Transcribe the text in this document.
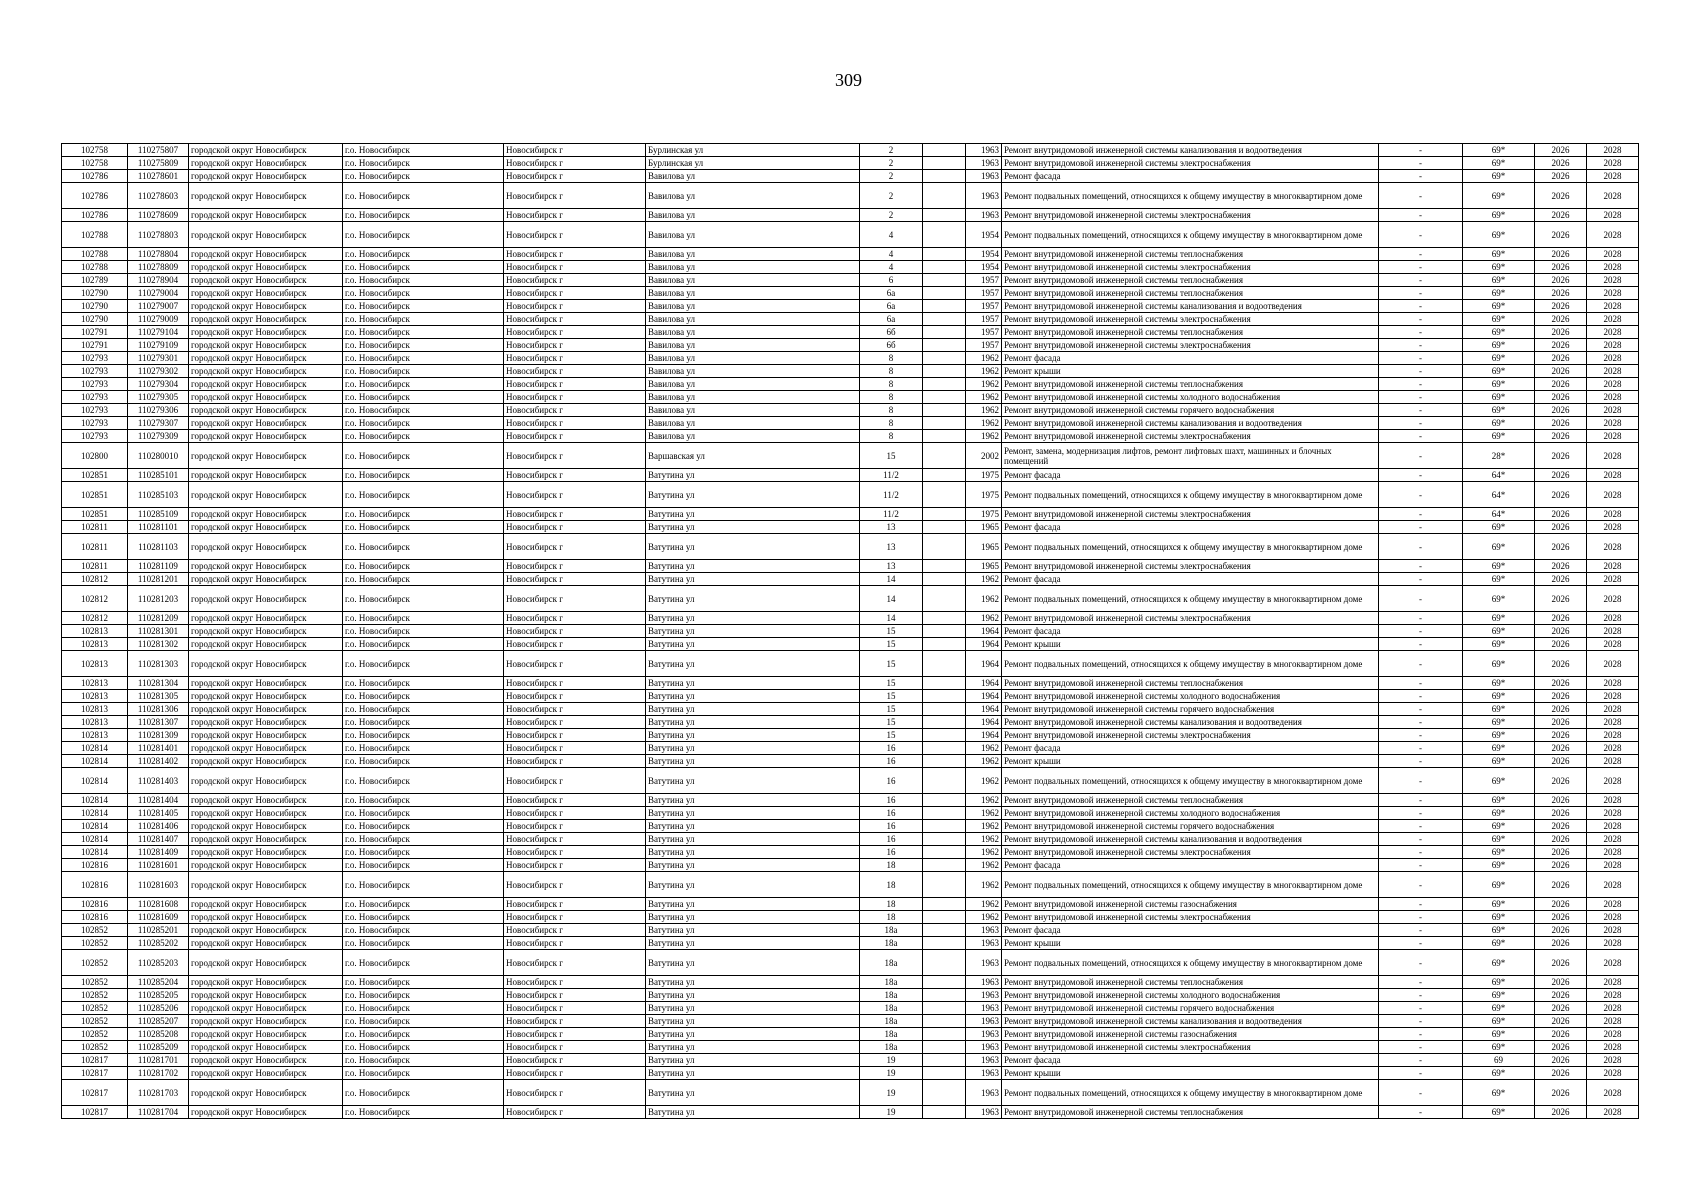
309
102758	110275807	городской округ Новосибирск	г.о. Новосибирск	Новосибирск г	Бурлинская ул	2		1963	Ремонт внутридомовой инженерной системы канализования и водоотведения	-	69*	2026	2028
102758	110275809	городской округ Новосибирск	г.о. Новосибирск	Новосибирск г	Бурлинская ул	2		1963	Ремонт внутридомовой инженерной системы электроснабжения	-	69*	2026	2028
102786	110278601	городской округ Новосибирск	г.о. Новосибирск	Новосибирск г	Вавилова ул	2		1963	Ремонт фасада	-	69*	2026	2028
102786	110278603	городской округ Новосибирск	г.о. Новосибирск	Новосибирск г	Вавилова ул	2		1963	Ремонт подвальных помещений, относящихся к общему имуществу в многоквартирном доме	-	69*	2026	2028
102786	110278609	городской округ Новосибирск	г.о. Новосибирск	Новосибирск г	Вавилова ул	2		1963	Ремонт внутридомовой инженерной системы электроснабжения	-	69*	2026	2028
102788	110278803	городской округ Новосибирск	г.о. Новосибирск	Новосибирск г	Вавилова ул	4		1954	Ремонт подвальных помещений, относящихся к общему имуществу в многоквартирном доме	-	69*	2026	2028
102788	110278804	городской округ Новосибирск	г.о. Новосибирск	Новосибирск г	Вавилова ул	4		1954	Ремонт внутридомовой инженерной системы теплоснабжения	-	69*	2026	2028
102788	110278809	городской округ Новосибирск	г.о. Новосибирск	Новосибирск г	Вавилова ул	4		1954	Ремонт внутридомовой инженерной системы электроснабжения	-	69*	2026	2028
102789	110278904	городской округ Новосибирск	г.о. Новосибирск	Новосибирск г	Вавилова ул	6		1957	Ремонт внутридомовой инженерной системы теплоснабжения	-	69*	2026	2028
102790	110279004	городской округ Новосибирск	г.о. Новосибирск	Новосибирск г	Вавилова ул	6а		1957	Ремонт внутридомовой инженерной системы теплоснабжения	-	69*	2026	2028
102790	110279007	городской округ Новосибирск	г.о. Новосибирск	Новосибирск г	Вавилова ул	6а		1957	Ремонт внутридомовой инженерной системы канализования и водоотведения	-	69*	2026	2028
102790	110279009	городской округ Новосибирск	г.о. Новосибирск	Новосибирск г	Вавилова ул	6а		1957	Ремонт внутридомовой инженерной системы электроснабжения	-	69*	2026	2028
102791	110279104	городской округ Новосибирск	г.о. Новосибирск	Новосибирск г	Вавилова ул	6б		1957	Ремонт внутридомовой инженерной системы теплоснабжения	-	69*	2026	2028
102791	110279109	городской округ Новосибирск	г.о. Новосибирск	Новосибирск г	Вавилова ул	6б		1957	Ремонт внутридомовой инженерной системы электроснабжения	-	69*	2026	2028
102793	110279301	городской округ Новосибирск	г.о. Новосибирск	Новосибирск г	Вавилова ул	8		1962	Ремонт фасада	-	69*	2026	2028
102793	110279302	городской округ Новосибирск	г.о. Новосибирск	Новосибирск г	Вавилова ул	8		1962	Ремонт крыши	-	69*	2026	2028
102793	110279304	городской округ Новосибирск	г.о. Новосибирск	Новосибирск г	Вавилова ул	8		1962	Ремонт внутридомовой инженерной системы теплоснабжения	-	69*	2026	2028
102793	110279305	городской округ Новосибирск	г.о. Новосибирск	Новосибирск г	Вавилова ул	8		1962	Ремонт внутридомовой инженерной системы холодного водоснабжения	-	69*	2026	2028
102793	110279306	городской округ Новосибирск	г.о. Новосибирск	Новосибирск г	Вавилова ул	8		1962	Ремонт внутридомовой инженерной системы горячего водоснабжения	-	69*	2026	2028
102793	110279307	городской округ Новосибирск	г.о. Новосибирск	Новосибирск г	Вавилова ул	8		1962	Ремонт внутридомовой инженерной системы канализования и водоотведения	-	69*	2026	2028
102793	110279309	городской округ Новосибирск	г.о. Новосибирск	Новосибирск г	Вавилова ул	8		1962	Ремонт внутридомовой инженерной системы электроснабжения	-	69*	2026	2028
102800	110280010	городской округ Новосибирск	г.о. Новосибирск	Новосибирск г	Варшавская ул	15		2002	Ремонт, замена, модернизация лифтов, ремонт лифтовых шахт, машинных и блочных помещений	-	28*	2026	2028
102851	110285101	городской округ Новосибирск	г.о. Новосибирск	Новосибирск г	Ватутина ул	11/2		1975	Ремонт фасада	-	64*	2026	2028
102851	110285103	городской округ Новосибирск	г.о. Новосибирск	Новосибирск г	Ватутина ул	11/2		1975	Ремонт подвальных помещений, относящихся к общему имуществу в многоквартирном доме	-	64*	2026	2028
102851	110285109	городской округ Новосибирск	г.о. Новосибирск	Новосибирск г	Ватутина ул	11/2		1975	Ремонт внутридомовой инженерной системы электроснабжения	-	64*	2026	2028
102811	110281101	городской округ Новосибирск	г.о. Новосибирск	Новосибирск г	Ватутина ул	13		1965	Ремонт фасада	-	69*	2026	2028
102811	110281103	городской округ Новосибирск	г.о. Новосибирск	Новосибирск г	Ватутина ул	13		1965	Ремонт подвальных помещений, относящихся к общему имуществу в многоквартирном доме	-	69*	2026	2028
102811	110281109	городской округ Новосибирск	г.о. Новосибирск	Новосибирск г	Ватутина ул	13		1965	Ремонт внутридомовой инженерной системы электроснабжения	-	69*	2026	2028
102812	110281201	городской округ Новосибирск	г.о. Новосибирск	Новосибирск г	Ватутина ул	14		1962	Ремонт фасада	-	69*	2026	2028
102812	110281203	городской округ Новосибирск	г.о. Новосибирск	Новосибирск г	Ватутина ул	14		1962	Ремонт подвальных помещений, относящихся к общему имуществу в многоквартирном доме	-	69*	2026	2028
102812	110281209	городской округ Новосибирск	г.о. Новосибирск	Новосибирск г	Ватутина ул	14		1962	Ремонт внутридомовой инженерной системы электроснабжения	-	69*	2026	2028
102813	110281301	городской округ Новосибирск	г.о. Новосибирск	Новосибирск г	Ватутина ул	15		1964	Ремонт фасада	-	69*	2026	2028
102813	110281302	городской округ Новосибирск	г.о. Новосибирск	Новосибирск г	Ватутина ул	15		1964	Ремонт крыши	-	69*	2026	2028
102813	110281303	городской округ Новосибирск	г.о. Новосибирск	Новосибирск г	Ватутина ул	15		1964	Ремонт подвальных помещений, относящихся к общему имуществу в многоквартирном доме	-	69*	2026	2028
102813	110281304	городской округ Новосибирск	г.о. Новосибирск	Новосибирск г	Ватутина ул	15		1964	Ремонт внутридомовой инженерной системы теплоснабжения	-	69*	2026	2028
102813	110281305	городской округ Новосибирск	г.о. Новосибирск	Новосибирск г	Ватутина ул	15		1964	Ремонт внутридомовой инженерной системы холодного водоснабжения	-	69*	2026	2028
102813	110281306	городской округ Новосибирск	г.о. Новосибирск	Новосибирск г	Ватутина ул	15		1964	Ремонт внутридомовой инженерной системы горячего водоснабжения	-	69*	2026	2028
102813	110281307	городской округ Новосибирск	г.о. Новосибирск	Новосибирск г	Ватутина ул	15		1964	Ремонт внутридомовой инженерной системы канализования и водоотведения	-	69*	2026	2028
102813	110281309	городской округ Новосибирск	г.о. Новосибирск	Новосибирск г	Ватутина ул	15		1964	Ремонт внутридомовой инженерной системы электроснабжения	-	69*	2026	2028
102814	110281401	городской округ Новосибирск	г.о. Новосибирск	Новосибирск г	Ватутина ул	16		1962	Ремонт фасада	-	69*	2026	2028
102814	110281402	городской округ Новосибирск	г.о. Новосибирск	Новосибирск г	Ватутина ул	16		1962	Ремонт крыши	-	69*	2026	2028
102814	110281403	городской округ Новосибирск	г.о. Новосибирск	Новосибирск г	Ватутина ул	16		1962	Ремонт подвальных помещений, относящихся к общему имуществу в многоквартирном доме	-	69*	2026	2028
102814	110281404	городской округ Новосибирск	г.о. Новосибирск	Новосибирск г	Ватутина ул	16		1962	Ремонт внутридомовой инженерной системы теплоснабжения	-	69*	2026	2028
102814	110281405	городской округ Новосибирск	г.о. Новосибирск	Новосибирск г	Ватутина ул	16		1962	Ремонт внутридомовой инженерной системы холодного водоснабжения	-	69*	2026	2028
102814	110281406	городской округ Новосибирск	г.о. Новосибирск	Новосибирск г	Ватутина ул	16		1962	Ремонт внутридомовой инженерной системы горячего водоснабжения	-	69*	2026	2028
102814	110281407	городской округ Новосибирск	г.о. Новосибирск	Новосибирск г	Ватутина ул	16		1962	Ремонт внутридомовой инженерной системы канализования и водоотведения	-	69*	2026	2028
102814	110281409	городской округ Новосибирск	г.о. Новосибирск	Новосибирск г	Ватутина ул	16		1962	Ремонт внутридомовой инженерной системы электроснабжения	-	69*	2026	2028
102816	110281601	городской округ Новосибирск	г.о. Новосибирск	Новосибирск г	Ватутина ул	18		1962	Ремонт фасада	-	69*	2026	2028
102816	110281603	городской округ Новосибирск	г.о. Новосибирск	Новосибирск г	Ватутина ул	18		1962	Ремонт подвальных помещений, относящихся к общему имуществу в многоквартирном доме	-	69*	2026	2028
102816	110281608	городской округ Новосибирск	г.о. Новосибирск	Новосибирск г	Ватутина ул	18		1962	Ремонт внутридомовой инженерной системы газоснабжения	-	69*	2026	2028
102816	110281609	городской округ Новосибирск	г.о. Новосибирск	Новосибирск г	Ватутина ул	18		1962	Ремонт внутридомовой инженерной системы электроснабжения	-	69*	2026	2028
102852	110285201	городской округ Новосибирск	г.о. Новосибирск	Новосибирск г	Ватутина ул	18а		1963	Ремонт фасада	-	69*	2026	2028
102852	110285202	городской округ Новосибирск	г.о. Новосибирск	Новосибирск г	Ватутина ул	18а		1963	Ремонт крыши	-	69*	2026	2028
102852	110285203	городской округ Новосибирск	г.о. Новосибирск	Новосибирск г	Ватутина ул	18а		1963	Ремонт подвальных помещений, относящихся к общему имуществу в многоквартирном доме	-	69*	2026	2028
102852	110285204	городской округ Новосибирск	г.о. Новосибирск	Новосибирск г	Ватутина ул	18а		1963	Ремонт внутридомовой инженерной системы теплоснабжения	-	69*	2026	2028
102852	110285205	городской округ Новосибирск	г.о. Новосибирск	Новосибирск г	Ватутина ул	18а		1963	Ремонт внутридомовой инженерной системы холодного водоснабжения	-	69*	2026	2028
102852	110285206	городской округ Новосибирск	г.о. Новосибирск	Новосибирск г	Ватутина ул	18а		1963	Ремонт внутридомовой инженерной системы горячего водоснабжения	-	69*	2026	2028
102852	110285207	городской округ Новосибирск	г.о. Новосибирск	Новосибирск г	Ватутина ул	18а		1963	Ремонт внутридомовой инженерной системы канализования и водоотведения	-	69*	2026	2028
102852	110285208	городской округ Новосибирск	г.о. Новосибирск	Новосибирск г	Ватутина ул	18а		1963	Ремонт внутридомовой инженерной системы газоснабжения	-	69*	2026	2028
102852	110285209	городской округ Новосибирск	г.о. Новосибирск	Новосибирск г	Ватутина ул	18а		1963	Ремонт внутридомовой инженерной системы электроснабжения	-	69*	2026	2028
102817	110281701	городской округ Новосибирск	г.о. Новосибирск	Новосибирск г	Ватутина ул	19		1963	Ремонт фасада	-	69	2026	2028
102817	110281702	городской округ Новосибирск	г.о. Новосибирск	Новосибирск г	Ватутина ул	19		1963	Ремонт крыши	-	69*	2026	2028
102817	110281703	городской округ Новосибирск	г.о. Новосибирск	Новосибирск г	Ватутина ул	19		1963	Ремонт подвальных помещений, относящихся к общему имуществу в многоквартирном доме	-	69*	2026	2028
102817	110281704	городской округ Новосибирск	г.о. Новосибирск	Новосибирск г	Ватутина ул	19		1963	Ремонт внутридомовой инженерной системы теплоснабжения	-	69*	2026	2028
